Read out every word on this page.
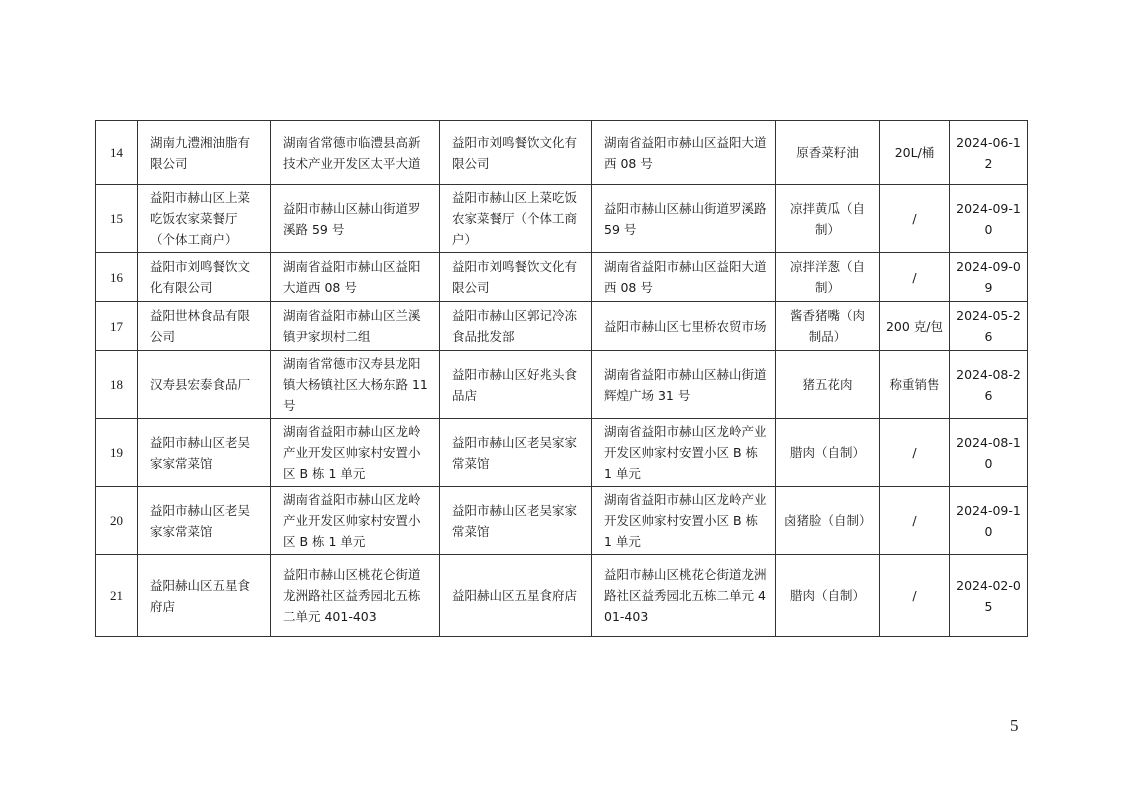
14	湖南九澧湘油脂有限公司	湖南省常德市临澧县高新技术产业开发区太平大道	益阳市刘鸣餐饮文化有限公司	湖南省益阳市赫山区益阳大道西 08 号	原香菜籽油	20L/桶	2024-06-12
15	益阳市赫山区上菜吃饭农家菜餐厅（个体工商户）	益阳市赫山区赫山街道罗溪路 59 号	益阳市赫山区上菜吃饭农家菜餐厅（个体工商户）	益阳市赫山区赫山街道罗溪路 59 号	凉拌黄瓜（自制）	/	2024-09-10
16	益阳市刘鸣餐饮文化有限公司	湖南省益阳市赫山区益阳大道西 08 号	益阳市刘鸣餐饮文化有限公司	湖南省益阳市赫山区益阳大道西 08 号	凉拌洋葱（自制）	/	2024-09-09
17	益阳世林食品有限公司	湖南省益阳市赫山区兰溪镇尹家坝村二组	益阳市赫山区郭记冷冻食品批发部	益阳市赫山区七里桥农贸市场	酱香猪嘴（肉制品）	200 克/包	2024-05-26
18	汉寿县宏泰食品厂	湖南省常德市汉寿县龙阳镇大杨镇社区大杨东路 11 号	益阳市赫山区好兆头食品店	湖南省益阳市赫山区赫山街道辉煌广场 31 号	猪五花肉	称重销售	2024-08-26
19	益阳市赫山区老吴家家常菜馆	湖南省益阳市赫山区龙岭产业开发区帅家村安置小区 B 栋 1 单元	益阳市赫山区老吴家家常菜馆	湖南省益阳市赫山区龙岭产业开发区帅家村安置小区 B 栋 1 单元	腊肉（自制）	/	2024-08-10
20	益阳市赫山区老吴家家常菜馆	湖南省益阳市赫山区龙岭产业开发区帅家村安置小区 B 栋 1 单元	益阳市赫山区老吴家家常菜馆	湖南省益阳市赫山区龙岭产业开发区帅家村安置小区 B 栋 1 单元	卤猪脸（自制）	/	2024-09-10
21	益阳赫山区五星食府店	益阳市赫山区桃花仑街道龙洲路社区益秀园北五栋二单元 401-403	益阳赫山区五星食府店	益阳市赫山区桃花仑街道龙洲路社区益秀园北五栋二单元 401-403	腊肉（自制）	/	2024-02-05
5
